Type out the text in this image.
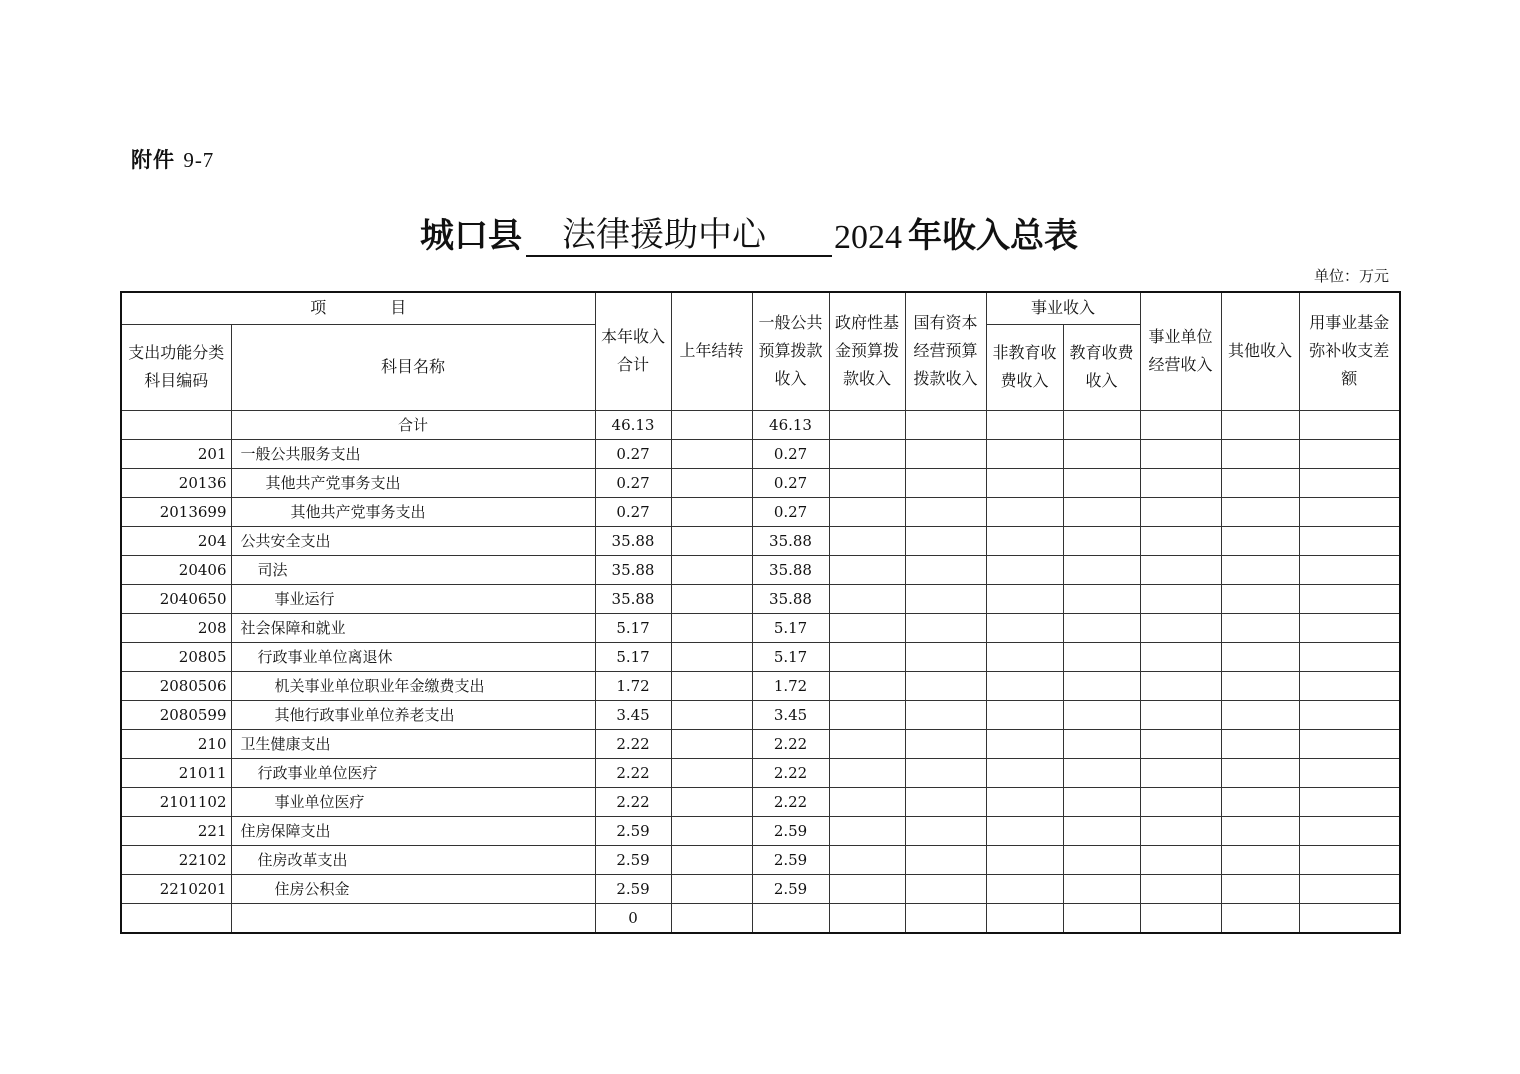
附件 9-7
城口县	法律援助中心	2024 年收入总表
单位：万元
项　　　　目		本年收入合计	上年结转	一般公共预算拨款收入	政府性基金预算拨款收入	国有资本经营预算拨款收入	事业收入		事业单位经营收入	其他收入	用事业基金弥补收支差额
支出功能分类科目编码	科目名称						非教育收费收入	教育收费收入			
	合计	46.13		46.13							
201	一般公共服务支出	0.27		0.27							
20136	其他共产党事务支出	0.27		0.27							
2013699	其他共产党事务支出	0.27		0.27							
204	公共安全支出	35.88		35.88							
20406	司法	35.88		35.88							
2040650	事业运行	35.88		35.88							
208	社会保障和就业	5.17		5.17							
20805	行政事业单位离退休	5.17		5.17							
2080506	机关事业单位职业年金缴费支出	1.72		1.72							
2080599	其他行政事业单位养老支出	3.45		3.45							
210	卫生健康支出	2.22		2.22							
21011	行政事业单位医疗	2.22		2.22							
2101102	事业单位医疗	2.22		2.22							
221	住房保障支出	2.59		2.59							
22102	住房改革支出	2.59		2.59							
2210201	住房公积金	2.59		2.59							
		0									
